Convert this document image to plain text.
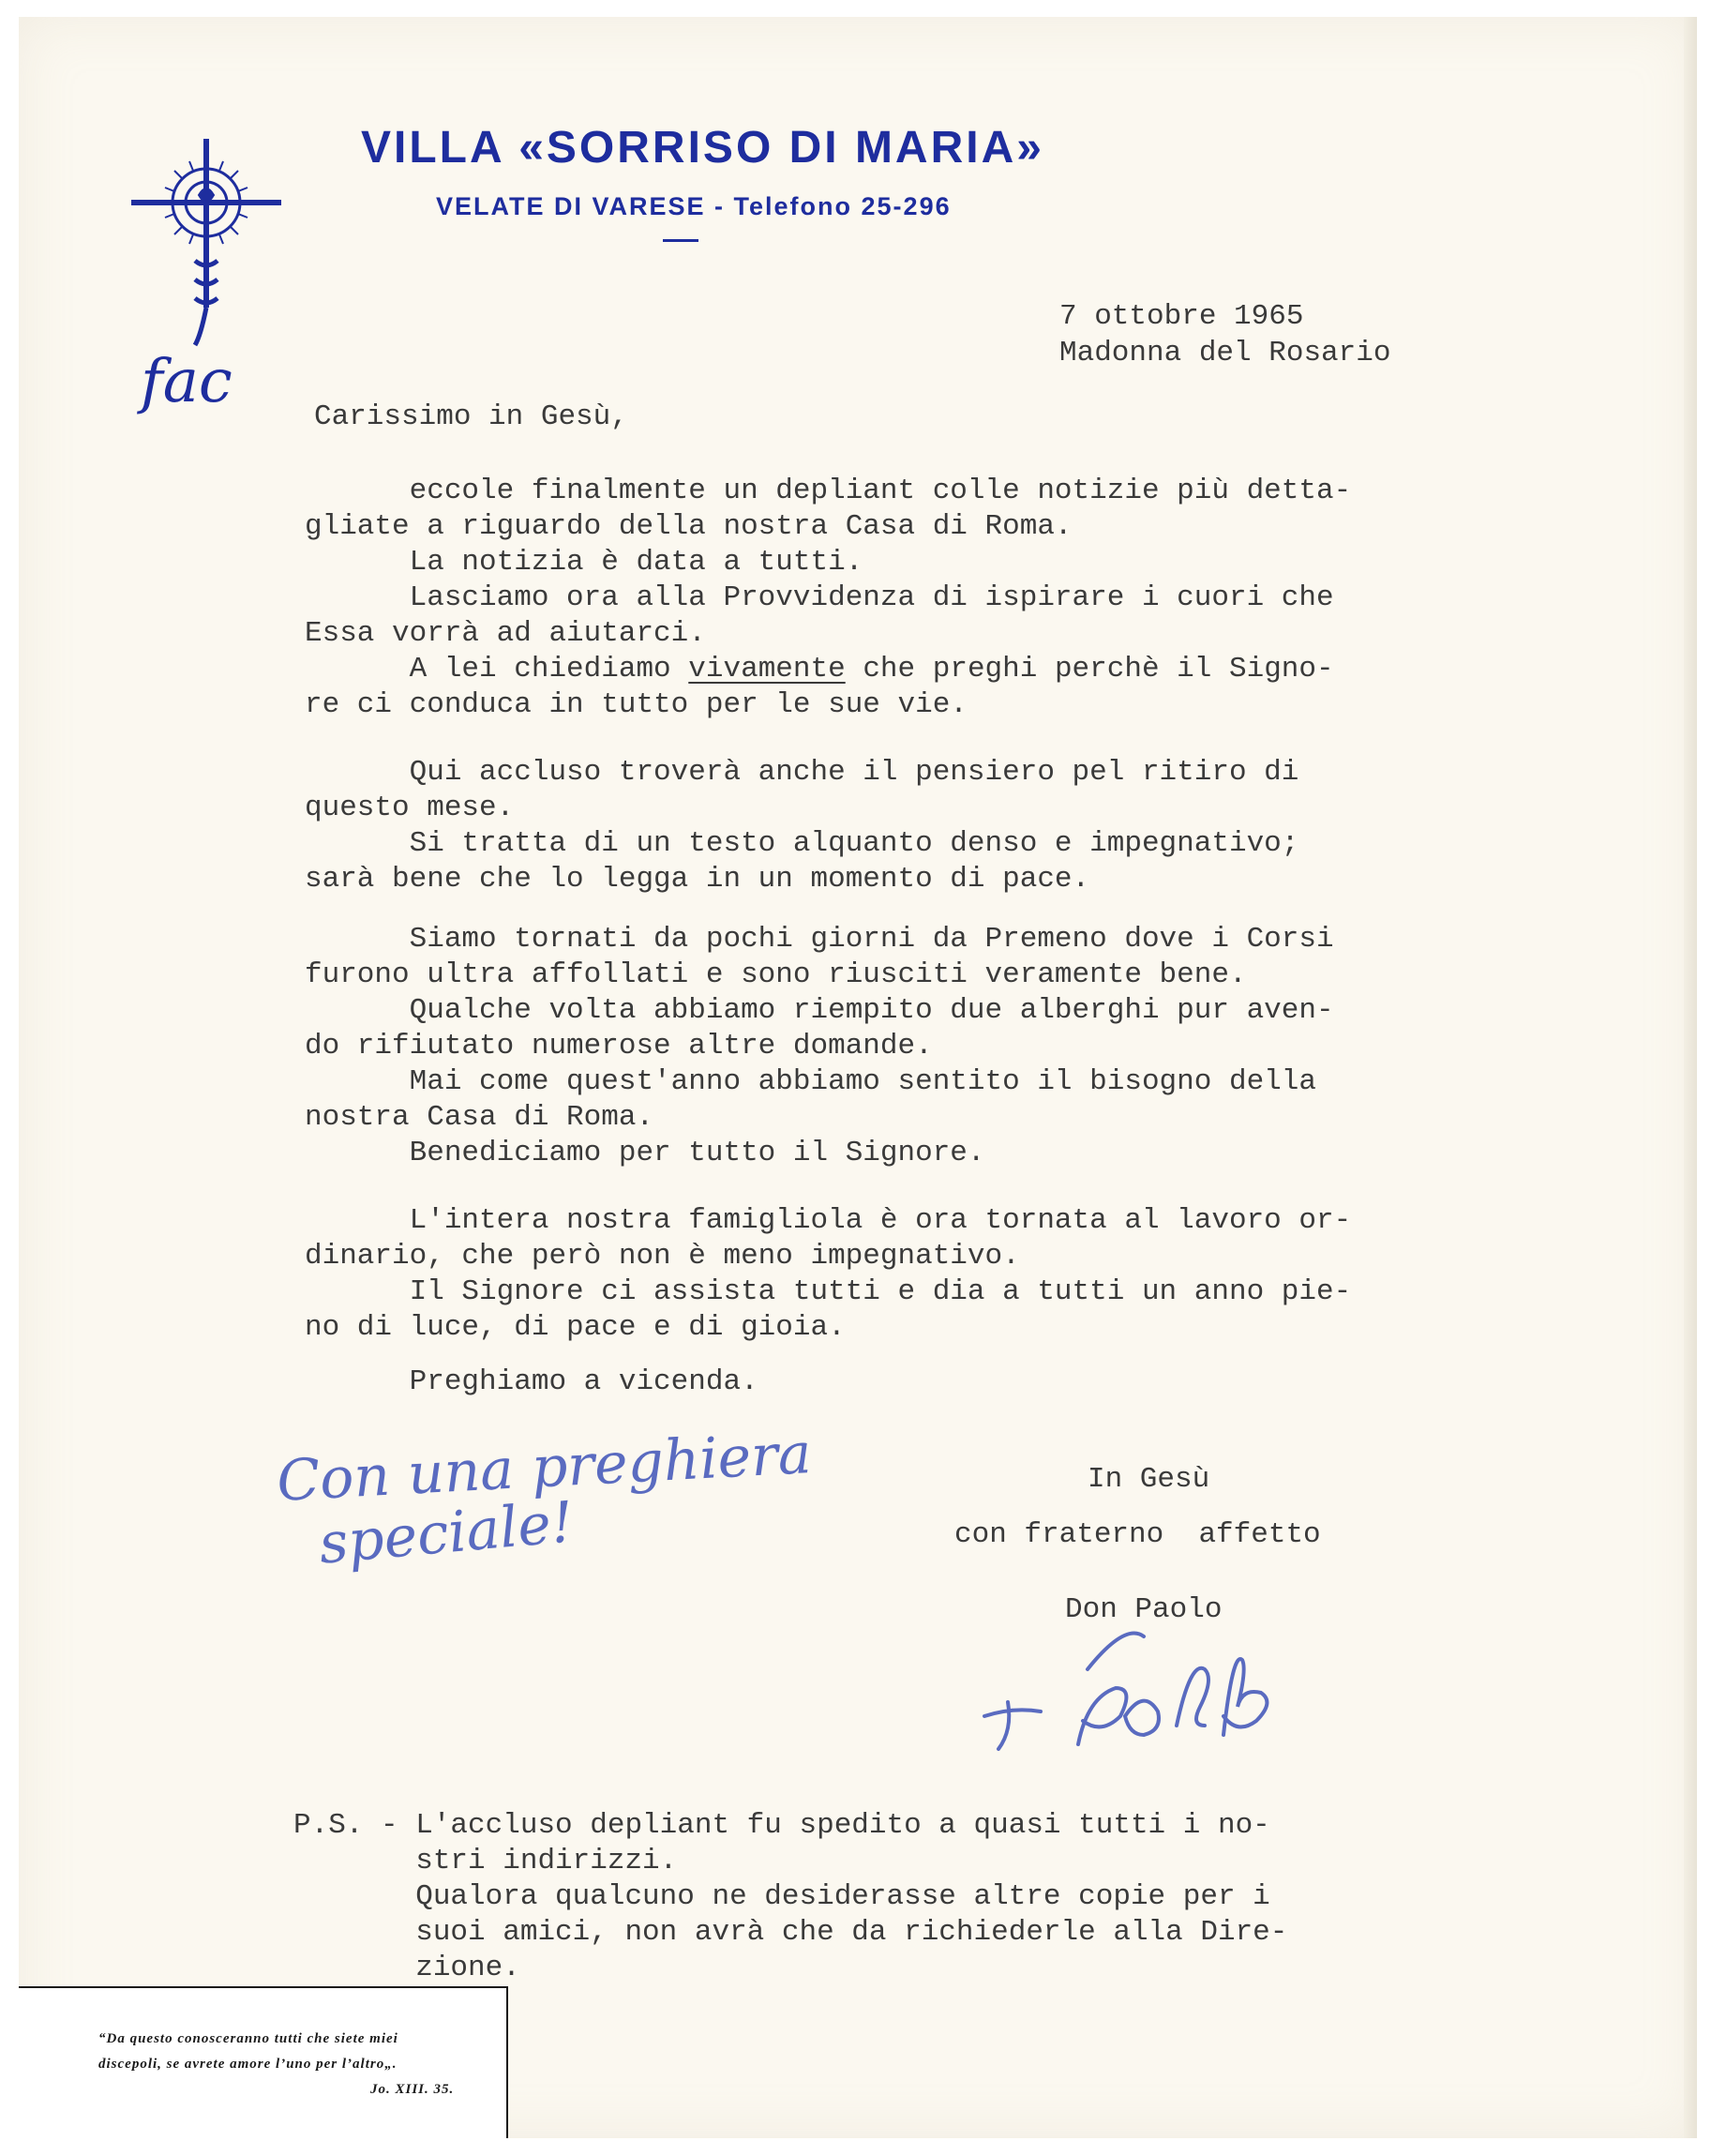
fac
VILLA «SORRISO DI MARIA»
VELATE DI VARESE - Telefono 25-296
7 ottobre 1965
Madonna del Rosario
Carissimo in Gesù,
eccole finalmente un depliant colle notizie più detta-
gliate a riguardo della nostra Casa di Roma.
La notizia è data a tutti.
Lasciamo ora alla Provvidenza di ispirare i cuori che
Essa vorrà ad aiutarci.
A lei chiediamo vivamente che preghi perchè il Signo-
re ci conduca in tutto per le sue vie.
Qui accluso troverà anche il pensiero pel ritiro di
questo mese.
Si tratta di un testo alquanto denso e impegnativo;
sarà bene che lo legga in un momento di pace.
Siamo tornati da pochi giorni da Premeno dove i Corsi
furono ultra affollati e sono riusciti veramente bene.
Qualche volta abbiamo riempito due alberghi pur aven-
do rifiutato numerose altre domande.
Mai come quest'anno abbiamo sentito il bisogno della
nostra Casa di Roma.
Benediciamo per tutto il Signore.
L'intera nostra famigliola è ora tornata al lavoro or-
dinario, che però non è meno impegnativo.
Il Signore ci assista tutti e dia a tutti un anno pie-
no di luce, di pace e di gioia.
Preghiamo a vicenda.
Con una preghiera
speciale!
In Gesù
con fraterno  affetto
Don Paolo
D. Paolo
P.S. - L'accluso depliant fu spedito a quasi tutti i no-
stri indirizzi.
Qualora qualcuno ne desiderasse altre copie per i
suoi amici, non avrà che da richiederle alla Dire-
zione.
“Da questo conosceranno tutti che siete miei
discepoli, se avrete amore l’uno per l’altro„.
Jo. XIII. 35.
